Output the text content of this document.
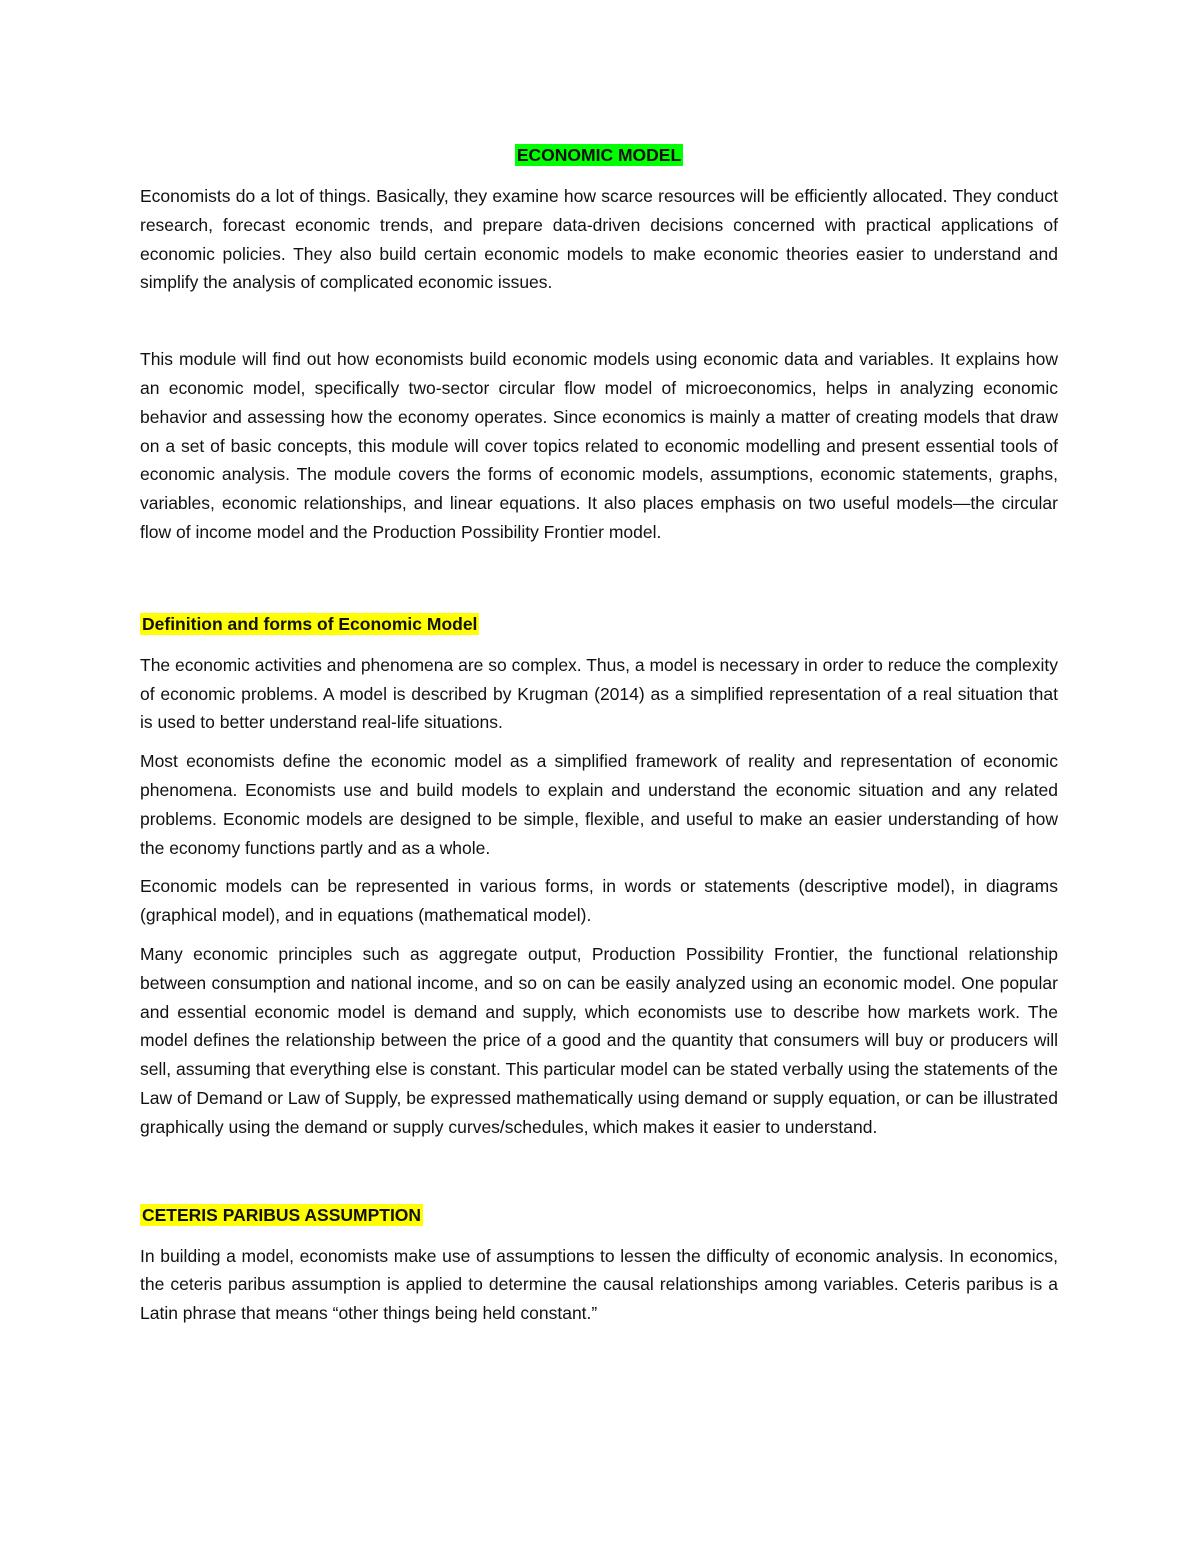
ECONOMIC MODEL

Economists do a lot of things. Basically, they examine how scarce resources will be efficiently allocated. They conduct research, forecast economic trends, and prepare data-driven decisions concerned with practical applications of economic policies. They also build certain economic models to make economic theories easier to understand and simplify the analysis of complicated economic issues.

This module will find out how economists build economic models using economic data and variables. It explains how an economic model, specifically two-sector circular flow model of microeconomics, helps in analyzing economic behavior and assessing how the economy operates. Since economics is mainly a matter of creating models that draw on a set of basic concepts, this module will cover topics related to economic modelling and present essential tools of economic analysis. The module covers the forms of economic models, assumptions, economic statements, graphs, variables, economic relationships, and linear equations. It also places emphasis on two useful models—the circular flow of income model and the Production Possibility Frontier model.

Definition and forms of Economic Model

The economic activities and phenomena are so complex. Thus, a model is necessary in order to reduce the complexity of economic problems. A model is described by Krugman (2014) as a simplified representation of a real situation that is used to better understand real-life situations.

Most economists define the economic model as a simplified framework of reality and representation of economic phenomena. Economists use and build models to explain and understand the economic situation and any related problems. Economic models are designed to be simple, flexible, and useful to make an easier understanding of how the economy functions partly and as a whole.

Economic models can be represented in various forms, in words or statements (descriptive model), in diagrams (graphical model), and in equations (mathematical model).

Many economic principles such as aggregate output, Production Possibility Frontier, the functional relationship between consumption and national income, and so on can be easily analyzed using an economic model. One popular and essential economic model is demand and supply, which economists use to describe how markets work. The model defines the relationship between the price of a good and the quantity that consumers will buy or producers will sell, assuming that everything else is constant. This particular model can be stated verbally using the statements of the Law of Demand or Law of Supply, be expressed mathematically using demand or supply equation, or can be illustrated graphically using the demand or supply curves/schedules, which makes it easier to understand.

CETERIS PARIBUS ASSUMPTION

In building a model, economists make use of assumptions to lessen the difficulty of economic analysis. In economics, the ceteris paribus assumption is applied to determine the causal relationships among variables. Ceteris paribus is a Latin phrase that means “other things being held constant.”
